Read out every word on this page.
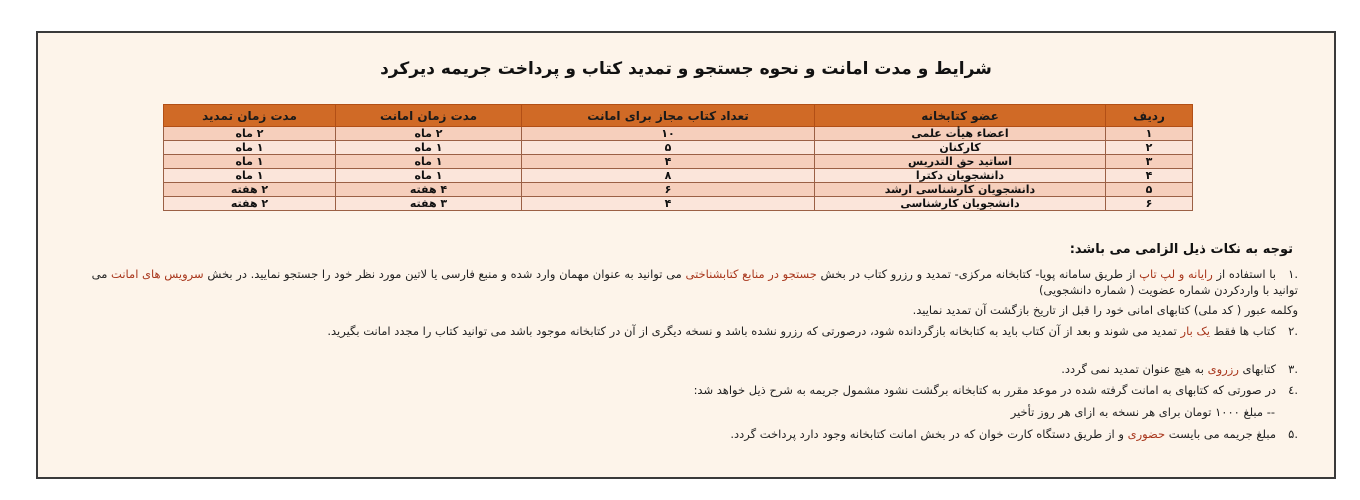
شرایط و مدت امانت و نحوه جستجو و تمدید کتاب و پرداخت جریمه دیرکرد
ردیف	عضو کتابخانه	تعداد کتاب مجاز برای امانت	مدت زمان امانت	مدت زمان تمدید
۱	اعضاء هیأت علمی	۱۰	۲ ماه	۲ ماه
۲	کارکنان	۵	۱ ماه	۱ ماه
۳	اساتید حق التدریس	۴	۱ ماه	۱ ماه
۴	دانشجویان دکترا	۸	۱ ماه	۱ ماه
۵	دانشجویان کارشناسی ارشد	۶	۴ هفته	۲ هفته
۶	دانشجویان کارشناسی	۴	۳ هفته	۲ هفته
توجه به نکات ذیل الزامی می باشد:
.۱با استفاده از رایانه و لپ تاپ از طریق سامانه پویا- کتابخانه مرکزی- تمدید و رزرو کتاب در بخش جستجو در منابع کتابشناختی می توانید به عنوان مهمان وارد شده و منبع فارسی یا لاتین مورد نظر خود را جستجو نمایید. در بخش سرویس های امانت می توانید با واردکردن شماره عضویت ( شماره دانشجویی)
وکلمه عبور ( کد ملی) کتابهای امانی خود را قبل از تاریخ بازگشت آن تمدید نمایید.
.۲کتاب ها فقط یک بار تمدید می شوند و بعد از آن کتاب باید به کتابخانه بازگردانده شود، درصورتی که رزرو نشده باشد و نسخه دیگری از آن در کتابخانه موجود باشد می توانید کتاب را مجدد امانت بگیرید.
.۳کتابهای رزروی به هیچ عنوان تمدید نمی گردد.
.٤در صورتی که کتابهای به امانت گرفته شده در موعد مقرر به کتابخانه برگشت نشود مشمول جریمه به شرح ذیل خواهد شد:
-- مبلغ ۱۰۰۰ تومان برای هر نسخه به ازای هر روز تأخیر
.۵مبلغ جریمه می بایست حضوری و از طریق دستگاه کارت خوان که در بخش امانت کتابخانه وجود دارد پرداخت گردد.
